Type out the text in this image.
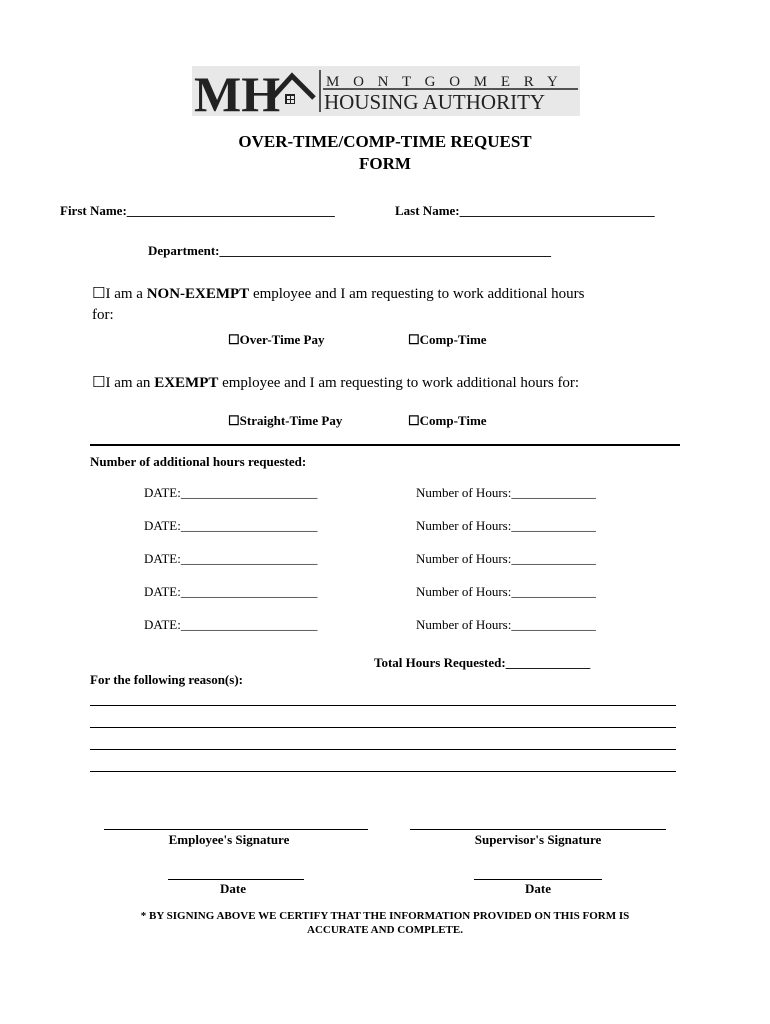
MH	M O N T G O M E R Y
HOUSING AUTHORITY
OVER-TIME/COMP-TIME REQUEST
FORM
First Name:________________________________	Last Name:______________________________
Department:___________________________________________________
☐I am a NON-EXEMPT employee and I am requesting to work additional hours
for:
☐Over-Time Pay	☐Comp-Time
☐I am an EXEMPT employee and I am requesting to work additional hours for:
☐Straight-Time Pay	☐Comp-Time
Number of additional hours requested:
DATE:_____________________	Number of Hours:_____________
DATE:_____________________	Number of Hours:_____________
DATE:_____________________	Number of Hours:_____________
DATE:_____________________	Number of Hours:_____________
DATE:_____________________	Number of Hours:_____________
Total Hours Requested:_____________
For the following reason(s):
Employee's Signature	Supervisor's Signature
Date	Date
* BY SIGNING ABOVE WE CERTIFY THAT THE INFORMATION PROVIDED ON THIS FORM IS
ACCURATE AND COMPLETE.
